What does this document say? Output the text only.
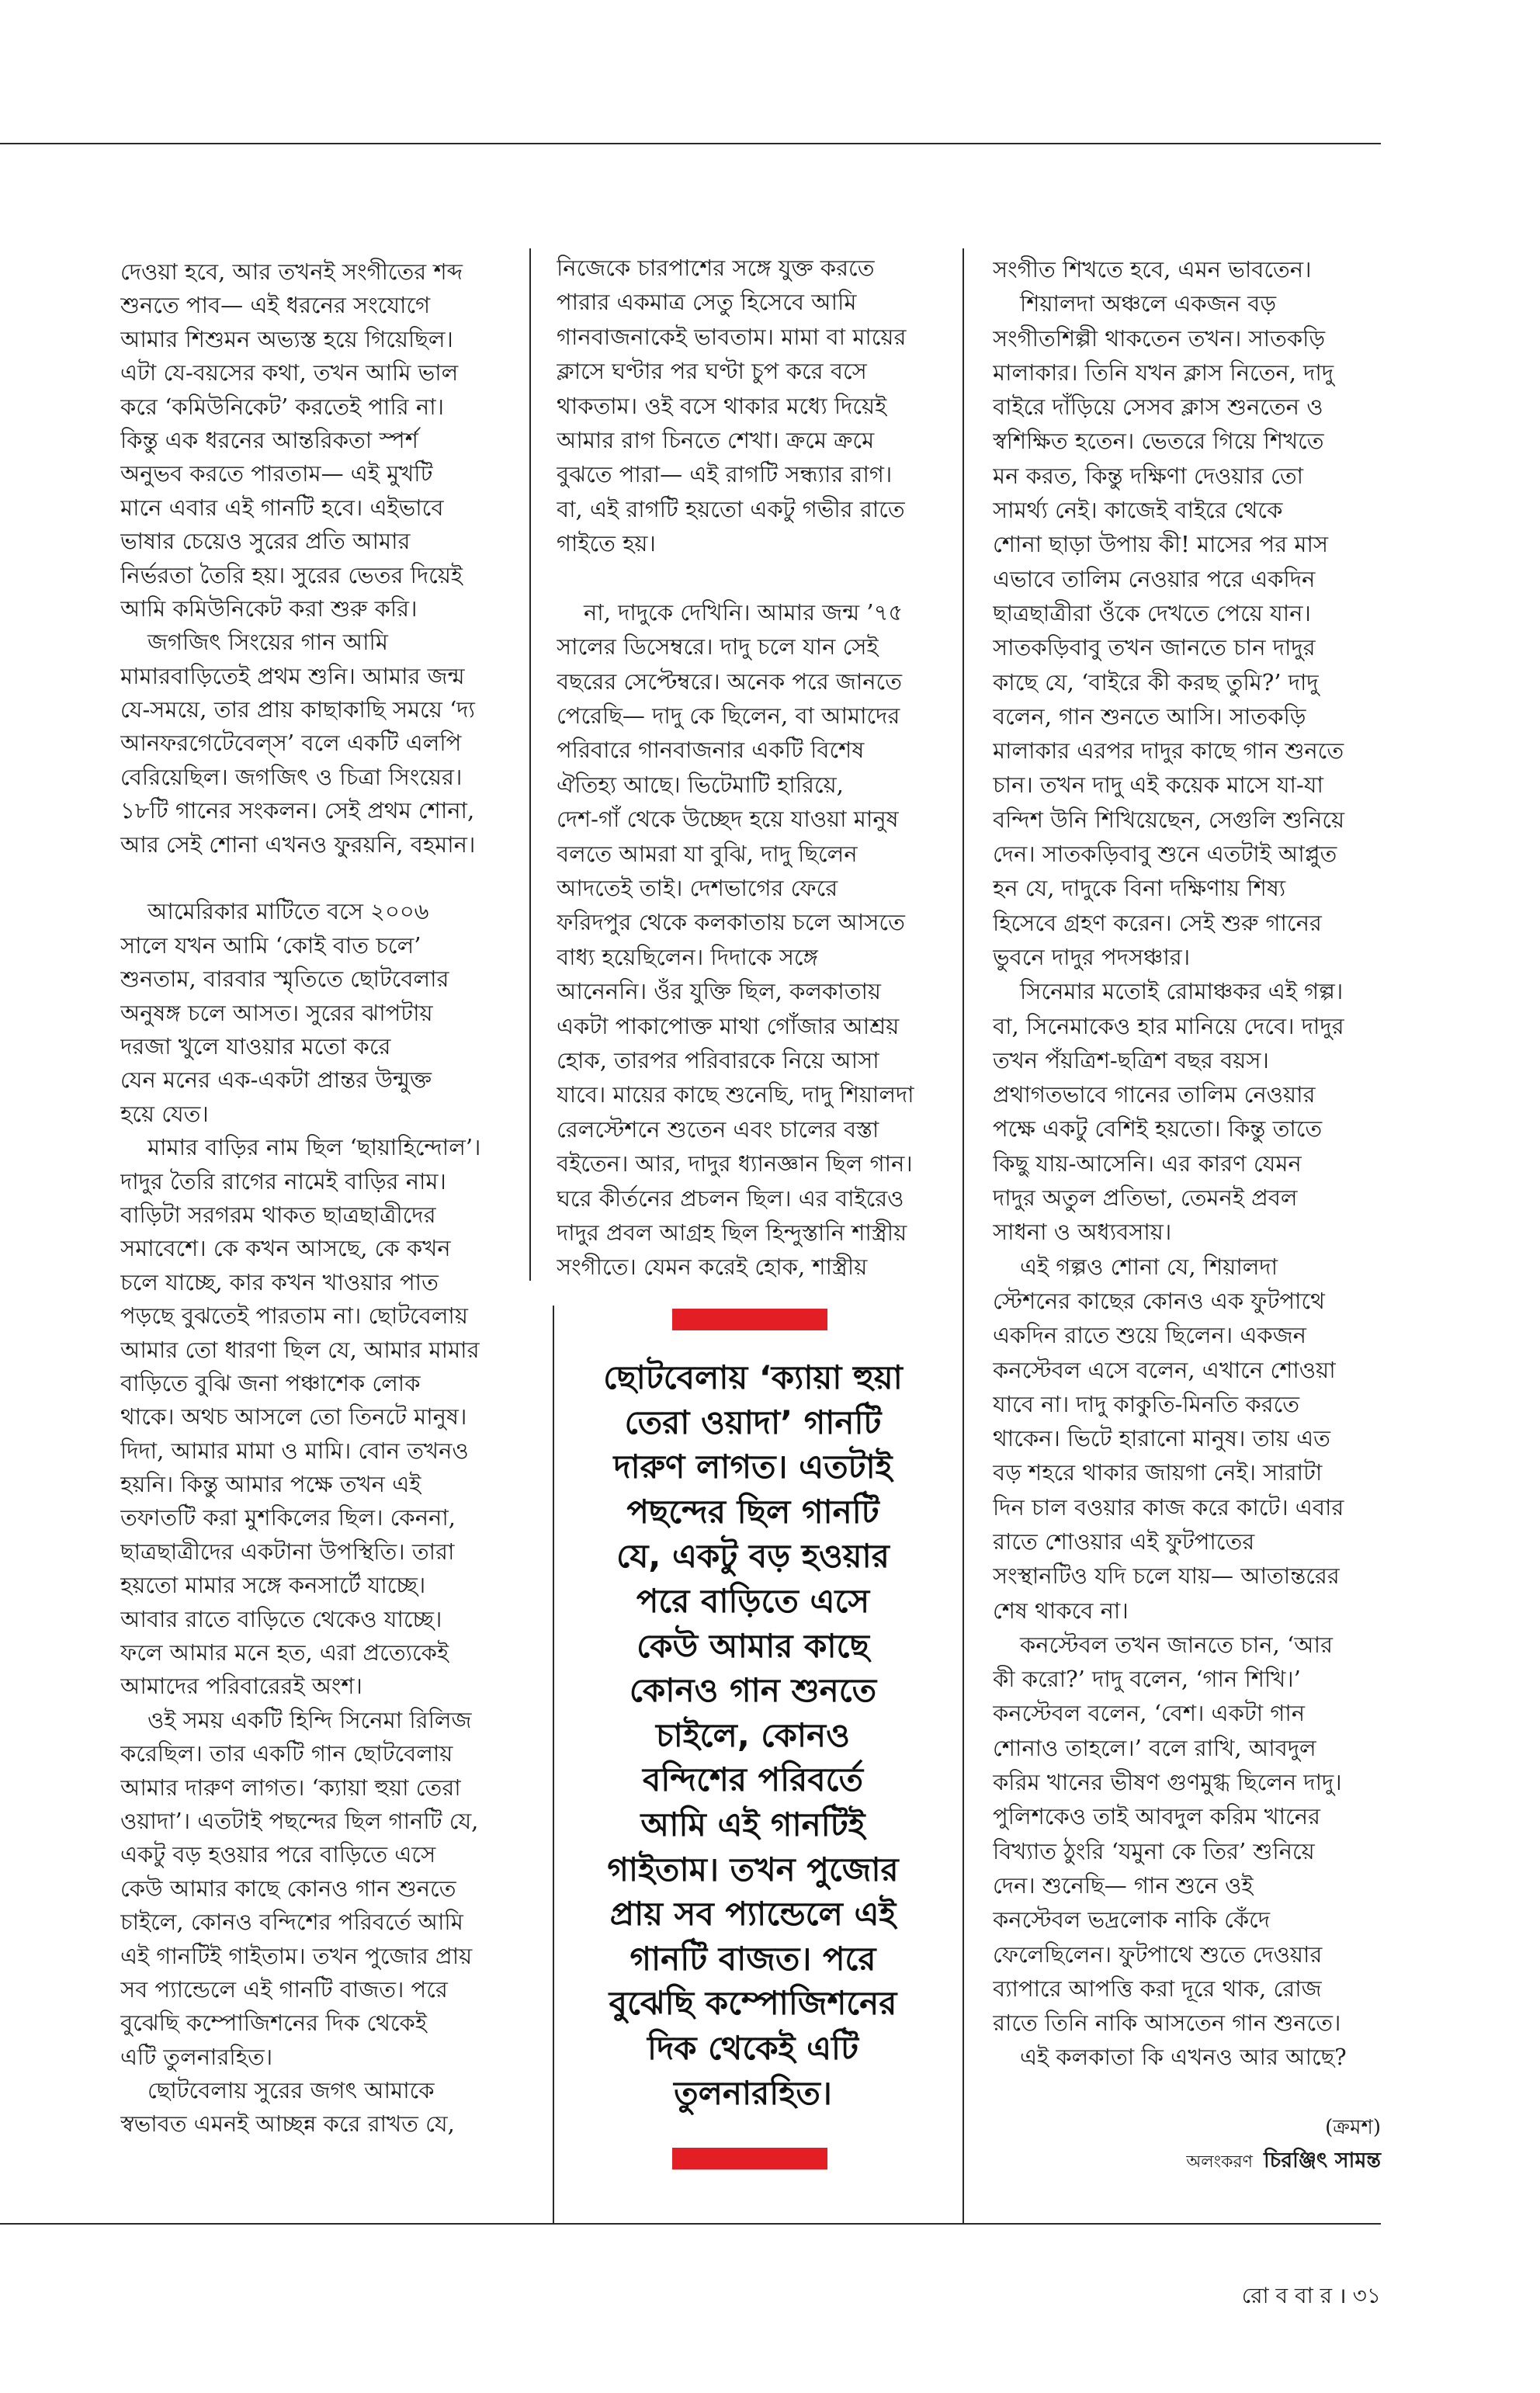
দেওয়া হবে, আর তখনই সংগীতের শব্দ
শুনতে পাব— এই ধরনের সংযোগে
আমার শিশুমন অভ্যস্ত হয়ে গিয়েছিল।
এটা যে-বয়সের কথা, তখন আমি ভাল
করে ‘কমিউনিকেট’ করতেই পারি না।
কিন্তু এক ধরনের আন্তরিকতা স্পর্শ
অনুভব করতে পারতাম— এই মুখটি
মানে এবার এই গানটি হবে। এইভাবে
ভাষার চেয়েও সুরের প্রতি আমার
নির্ভরতা তৈরি হয়। সুরের ভেতর দিয়েই
আমি কমিউনিকেট করা শুরু করি।
জগজিৎ সিংয়ের গান আমি
মামারবাড়িতেই প্রথম শুনি। আমার জন্ম
যে-সময়ে, তার প্রায় কাছাকাছি সময়ে ‘দ্য
আনফরগেটেবেল্‌স’ বলে একটি এলপি
বেরিয়েছিল। জগজিৎ ও চিত্রা সিংয়ের।
১৮টি গানের সংকলন। সেই প্রথম শোনা,
আর সেই শোনা এখনও ফুরয়নি, বহমান।
আমেরিকার মাটিতে বসে ২০০৬
সালে যখন আমি ‘কোই বাত চলে’
শুনতাম, বারবার স্মৃতিতে ছোটবেলার
অনুষঙ্গ চলে আসত। সুরের ঝাপটায়
দরজা খুলে যাওয়ার মতো করে
যেন মনের এক-একটা প্রান্তর উন্মুক্ত
হয়ে যেত।
মামার বাড়ির নাম ছিল ‘ছায়াহিন্দোল’।
দাদুর তৈরি রাগের নামেই বাড়ির নাম।
বাড়িটা সরগরম থাকত ছাত্রছাত্রীদের
সমাবেশে। কে কখন আসছে, কে কখন
চলে যাচ্ছে, কার কখন খাওয়ার পাত
পড়ছে বুঝতেই পারতাম না। ছোটবেলায়
আমার তো ধারণা ছিল যে, আমার মামার
বাড়িতে বুঝি জনা পঞ্চাশেক লোক
থাকে। অথচ আসলে তো তিনটে মানুষ।
দিদা, আমার মামা ও মামি। বোন তখনও
হয়নি। কিন্তু আমার পক্ষে তখন এই
তফাতটি করা মুশকিলের ছিল। কেননা,
ছাত্রছাত্রীদের একটানা উপস্থিতি। তারা
হয়তো মামার সঙ্গে কনসার্টে যাচ্ছে।
আবার রাতে বাড়িতে থেকেও যাচ্ছে।
ফলে আমার মনে হত, এরা প্রত্যেকেই
আমাদের পরিবারেরই অংশ।
ওই সময় একটি হিন্দি সিনেমা রিলিজ
করেছিল। তার একটি গান ছোটবেলায়
আমার দারুণ লাগত। ‘ক্যায়া হুয়া তেরা
ওয়াদা’। এতটাই পছন্দের ছিল গানটি যে,
একটু বড় হওয়ার পরে বাড়িতে এসে
কেউ আমার কাছে কোনও গান শুনতে
চাইলে, কোনও বন্দিশের পরিবর্তে আমি
এই গানটিই গাইতাম। তখন পুজোর প্রায়
সব প্যান্ডেলে এই গানটি বাজত। পরে
বুঝেছি কম্পোজিশনের দিক থেকেই
এটি তুলনারহিত।
ছোটবেলায় সুরের জগৎ আমাকে
স্বভাবত এমনই আচ্ছন্ন করে রাখত যে,
নিজেকে চারপাশের সঙ্গে যুক্ত করতে
পারার একমাত্র সেতু হিসেবে আমি
গানবাজনাকেই ভাবতাম। মামা বা মায়ের
ক্লাসে ঘণ্টার পর ঘণ্টা চুপ করে বসে
থাকতাম। ওই বসে থাকার মধ্যে দিয়েই
আমার রাগ চিনতে শেখা। ক্রমে ক্রমে
বুঝতে পারা— এই রাগটি সন্ধ্যার রাগ।
বা, এই রাগটি হয়তো একটু গভীর রাতে
গাইতে হয়।
না, দাদুকে দেখিনি। আমার জন্ম ’৭৫
সালের ডিসেম্বরে। দাদু চলে যান সেই
বছরের সেপ্টেম্বরে। অনেক পরে জানতে
পেরেছি— দাদু কে ছিলেন, বা আমাদের
পরিবারে গানবাজনার একটি বিশেষ
ঐতিহ্য আছে। ভিটেমাটি হারিয়ে,
দেশ-গাঁ থেকে উচ্ছেদ হয়ে যাওয়া মানুষ
বলতে আমরা যা বুঝি, দাদু ছিলেন
আদতেই তাই। দেশভাগের ফেরে
ফরিদপুর থেকে কলকাতায় চলে আসতে
বাধ্য হয়েছিলেন। দিদাকে সঙ্গে
আনেননি। ওঁর যুক্তি ছিল, কলকাতায়
একটা পাকাপোক্ত মাথা গোঁজার আশ্রয়
হোক, তারপর পরিবারকে নিয়ে আসা
যাবে। মায়ের কাছে শুনেছি, দাদু শিয়ালদা
রেলস্টেশনে শুতেন এবং চালের বস্তা
বইতেন। আর, দাদুর ধ্যানজ্ঞান ছিল গান।
ঘরে কীর্তনের প্রচলন ছিল। এর বাইরেও
দাদুর প্রবল আগ্রহ ছিল হিন্দুস্তানি শাস্ত্রীয়
সংগীতে। যেমন করেই হোক, শাস্ত্রীয়
সংগীত শিখতে হবে, এমন ভাবতেন।
শিয়ালদা অঞ্চলে একজন বড়
সংগীতশিল্পী থাকতেন তখন। সাতকড়ি
মালাকার। তিনি যখন ক্লাস নিতেন, দাদু
বাইরে দাঁড়িয়ে সেসব ক্লাস শুনতেন ও
স্বশিক্ষিত হতেন। ভেতরে গিয়ে শিখতে
মন করত, কিন্তু দক্ষিণা দেওয়ার তো
সামর্থ্য নেই। কাজেই বাইরে থেকে
শোনা ছাড়া উপায় কী! মাসের পর মাস
এভাবে তালিম নেওয়ার পরে একদিন
ছাত্রছাত্রীরা ওঁকে দেখতে পেয়ে যান।
সাতকড়িবাবু তখন জানতে চান দাদুর
কাছে যে, ‘বাইরে কী করছ তুমি?’ দাদু
বলেন, গান শুনতে আসি। সাতকড়ি
মালাকার এরপর দাদুর কাছে গান শুনতে
চান। তখন দাদু এই কয়েক মাসে যা-যা
বন্দিশ উনি শিখিয়েছেন, সেগুলি শুনিয়ে
দেন। সাতকড়িবাবু শুনে এতটাই আপ্লুত
হন যে, দাদুকে বিনা দক্ষিণায় শিষ্য
হিসেবে গ্রহণ করেন। সেই শুরু গানের
ভুবনে দাদুর পদসঞ্চার।
সিনেমার মতোই রোমাঞ্চকর এই গল্প।
বা, সিনেমাকেও হার মানিয়ে দেবে। দাদুর
তখন পঁয়ত্রিশ-ছত্রিশ বছর বয়স।
প্রথাগতভাবে গানের তালিম নেওয়ার
পক্ষে একটু বেশিই হয়তো। কিন্তু তাতে
কিছু যায়-আসেনি। এর কারণ যেমন
দাদুর অতুল প্রতিভা, তেমনই প্রবল
সাধনা ও অধ্যবসায়।
এই গল্পও শোনা যে, শিয়ালদা
স্টেশনের কাছের কোনও এক ফুটপাথে
একদিন রাতে শুয়ে ছিলেন। একজন
কনস্টেবল এসে বলেন, এখানে শোওয়া
যাবে না। দাদু কাকুতি-মিনতি করতে
থাকেন। ভিটে হারানো মানুষ। তায় এত
বড় শহরে থাকার জায়গা নেই। সারাটা
দিন চাল বওয়ার কাজ করে কাটে। এবার
রাতে শোওয়ার এই ফুটপাতের
সংস্থানটিও যদি চলে যায়— আতান্তরের
শেষ থাকবে না।
কনস্টেবল তখন জানতে চান, ‘আর
কী করো?’ দাদু বলেন, ‘গান শিখি।’
কনস্টেবল বলেন, ‘বেশ। একটা গান
শোনাও তাহলে।’ বলে রাখি, আবদুল
করিম খানের ভীষণ গুণমুগ্ধ ছিলেন দাদু।
পুলিশকেও তাই আবদুল করিম খানের
বিখ্যাত ঠুংরি ‘যমুনা কে তির’ শুনিয়ে
দেন। শুনেছি— গান শুনে ওই
কনস্টেবল ভদ্রলোক নাকি কেঁদে
ফেলেছিলেন। ফুটপাথে শুতে দেওয়ার
ব্যাপারে আপত্তি করা দূরে থাক, রোজ
রাতে তিনি নাকি আসতেন গান শুনতে।
এই কলকাতা কি এখনও আর আছে?
ছোটবেলায় ‘ক্যায়া হুয়া
তেরা ওয়াদা’ গানটি
দারুণ লাগত। এতটাই
পছন্দের ছিল গানটি
যে, একটু বড় হওয়ার
পরে বাড়িতে এসে
কেউ আমার কাছে
কোনও গান শুনতে
চাইলে, কোনও
বন্দিশের পরিবর্তে
আমি এই গানটিই
গাইতাম। তখন পুজোর
প্রায় সব প্যান্ডেলে এই
গানটি বাজত। পরে
বুঝেছি কম্পোজিশনের
দিক থেকেই এটি
তুলনারহিত।
(ক্রমশ)
অলংকরণ চিরঞ্জিৎ সামন্ত
রো ব বা র । ৩১
